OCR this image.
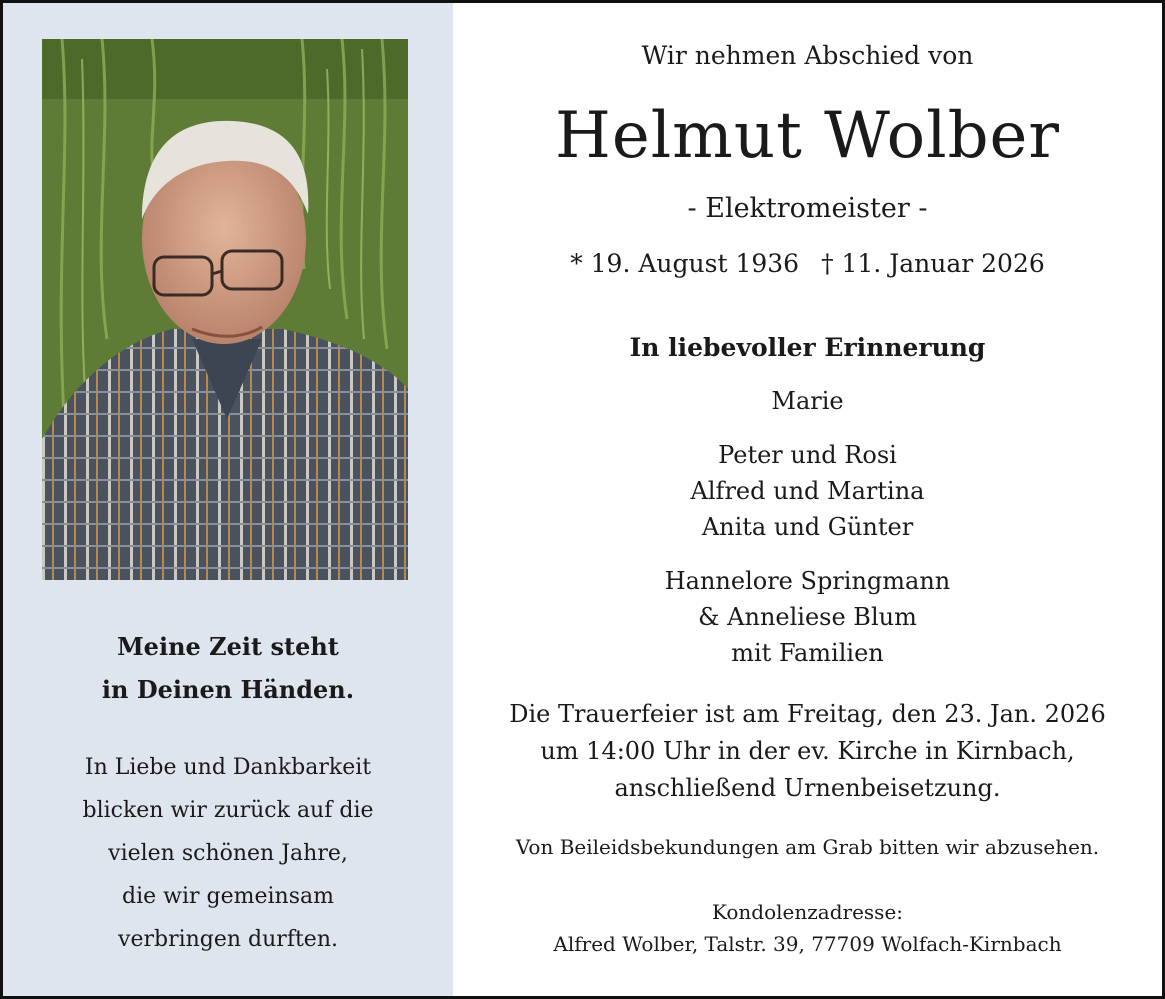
Meine Zeit steht
in Deinen Händen.
In Liebe und Dankbarkeit
blicken wir zurück auf die
vielen schönen Jahre,
die wir gemeinsam
verbringen durften.
Wir nehmen Abschied von
Helmut Wolber
- Elektromeister -
* 19. August 1936 † 11. Januar 2026
In liebevoller Erinnerung
Marie
Peter und Rosi
Alfred und Martina
Anita und Günter
Hannelore Springmann
& Anneliese Blum
mit Familien
Die Trauerfeier ist am Freitag, den 23. Jan. 2026
um 14:00 Uhr in der ev. Kirche in Kirnbach,
anschließend Urnenbeisetzung.
Von Beileidsbekundungen am Grab bitten wir abzusehen.
Kondolenzadresse:
Alfred Wolber, Talstr. 39, 77709 Wolfach-Kirnbach
